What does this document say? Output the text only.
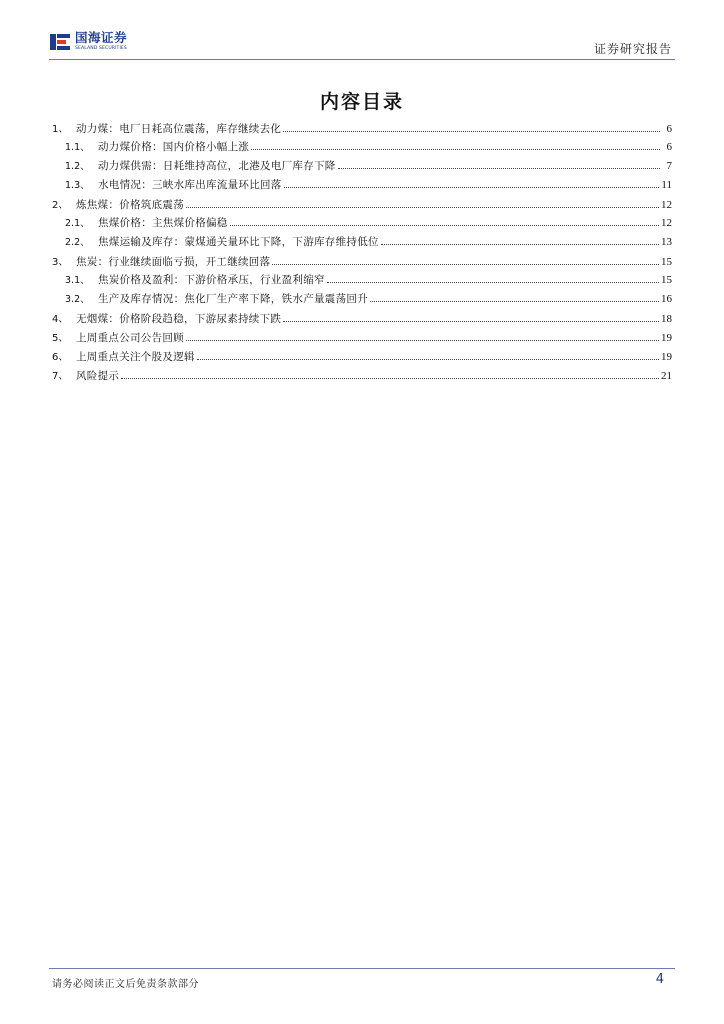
国海证券
SEALAND SECURITIES	证券研究报告
内容目录
1、 动力煤：电厂日耗高位震荡，库存继续去化	6
1.1、 动力煤价格：国内价格小幅上涨	6
1.2、 动力煤供需：日耗维持高位，北港及电厂库存下降	7
1.3、 水电情况：三峡水库出库流量环比回落	11
2、 炼焦煤：价格筑底震荡	12
2.1、 焦煤价格：主焦煤价格偏稳	12
2.2、 焦煤运输及库存：蒙煤通关量环比下降，下游库存维持低位	13
3、 焦炭：行业继续面临亏损，开工继续回落	15
3.1、 焦炭价格及盈利：下游价格承压，行业盈利缩窄	15
3.2、 生产及库存情况：焦化厂生产率下降，铁水产量震荡回升	16
4、 无烟煤：价格阶段趋稳，下游尿素持续下跌	18
5、 上周重点公司公告回顾	19
6、 上周重点关注个股及逻辑	19
7、 风险提示	21
请务必阅读正文后免责条款部分	4
